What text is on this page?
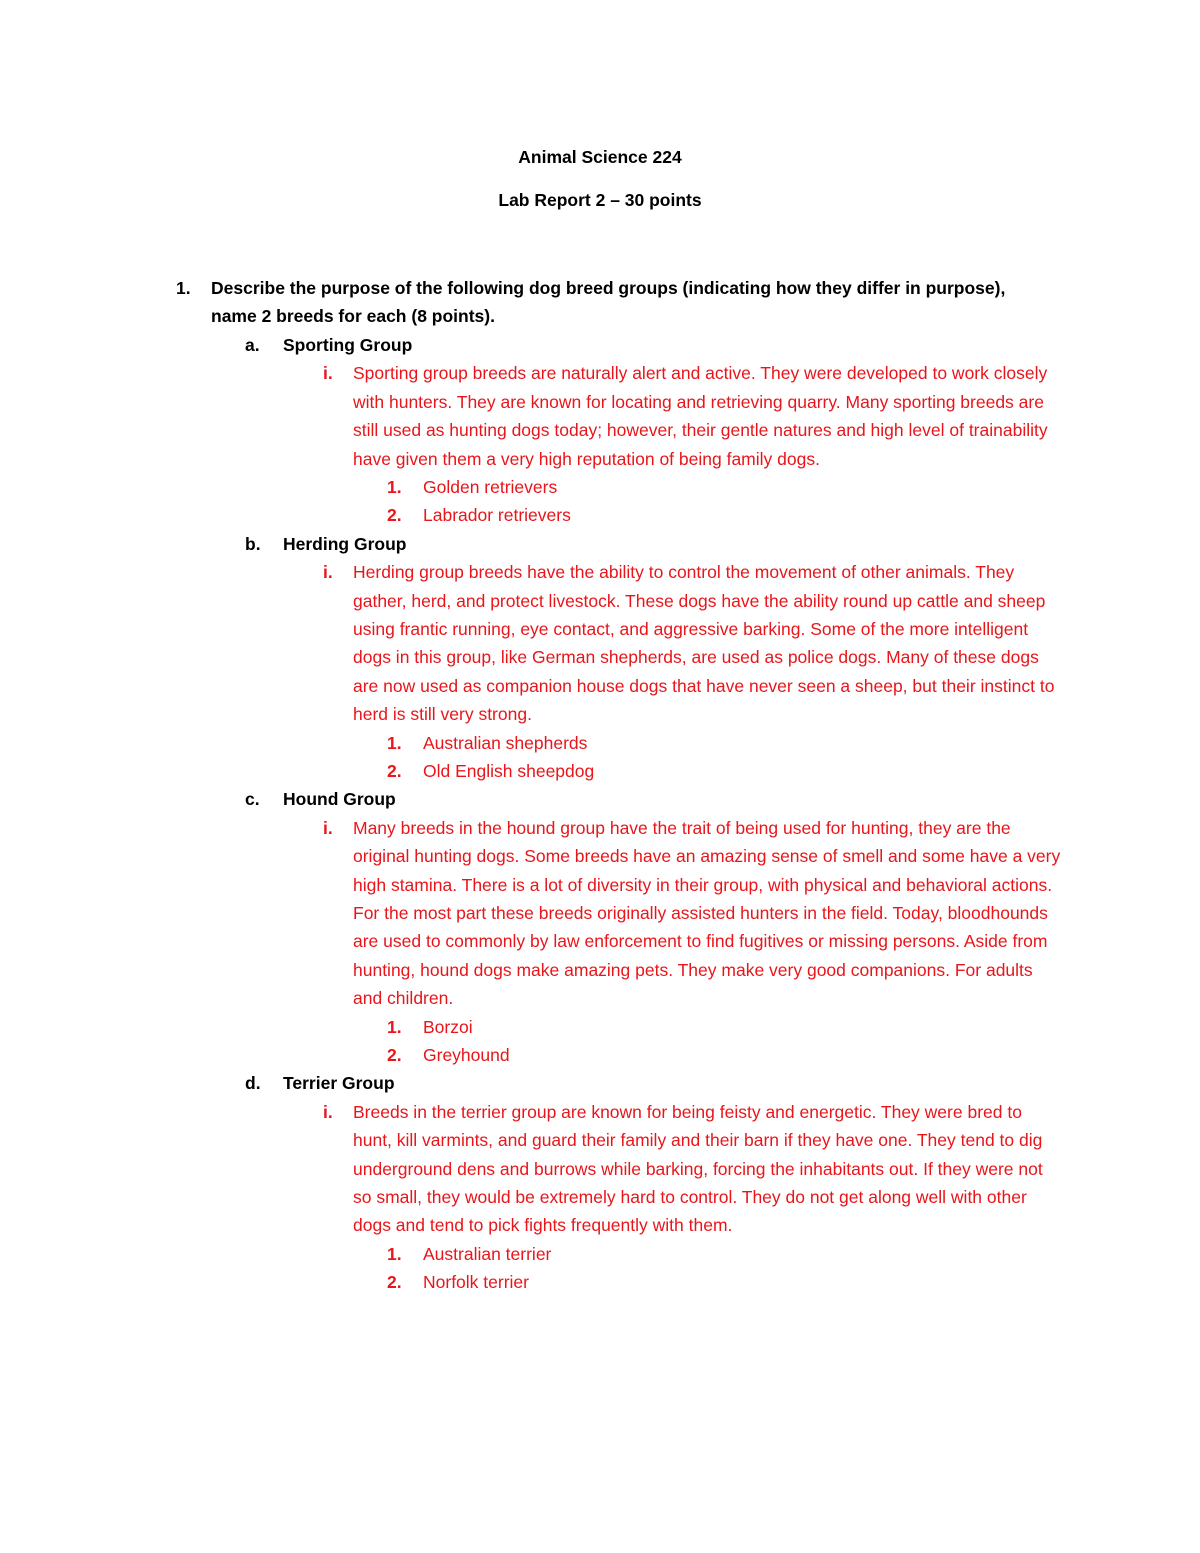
Animal Science 224
Lab Report 2 – 30 points
1. Describe the purpose of the following dog breed groups (indicating how they differ in purpose), name 2 breeds for each (8 points).
a. Sporting Group
i. Sporting group breeds are naturally alert and active. They were developed to work closely with hunters. They are known for locating and retrieving quarry. Many sporting breeds are still used as hunting dogs today; however, their gentle natures and high level of trainability have given them a very high reputation of being family dogs.
1. Golden retrievers
2. Labrador retrievers
b. Herding Group
i. Herding group breeds have the ability to control the movement of other animals. They gather, herd, and protect livestock. These dogs have the ability round up cattle and sheep using frantic running, eye contact, and aggressive barking. Some of the more intelligent dogs in this group, like German shepherds, are used as police dogs. Many of these dogs are now used as companion house dogs that have never seen a sheep, but their instinct to herd is still very strong.
1. Australian shepherds
2. Old English sheepdog
c. Hound Group
i. Many breeds in the hound group have the trait of being used for hunting, they are the original hunting dogs. Some breeds have an amazing sense of smell and some have a very high stamina. There is a lot of diversity in their group, with physical and behavioral actions. For the most part these breeds originally assisted hunters in the field. Today, bloodhounds are used to commonly by law enforcement to find fugitives or missing persons. Aside from hunting, hound dogs make amazing pets. They make very good companions. For adults and children.
1. Borzoi
2. Greyhound
d. Terrier Group
i. Breeds in the terrier group are known for being feisty and energetic. They were bred to hunt, kill varmints, and guard their family and their barn if they have one. They tend to dig underground dens and burrows while barking, forcing the inhabitants out. If they were not so small, they would be extremely hard to control. They do not get along well with other dogs and tend to pick fights frequently with them.
1. Australian terrier
2. Norfolk terrier
